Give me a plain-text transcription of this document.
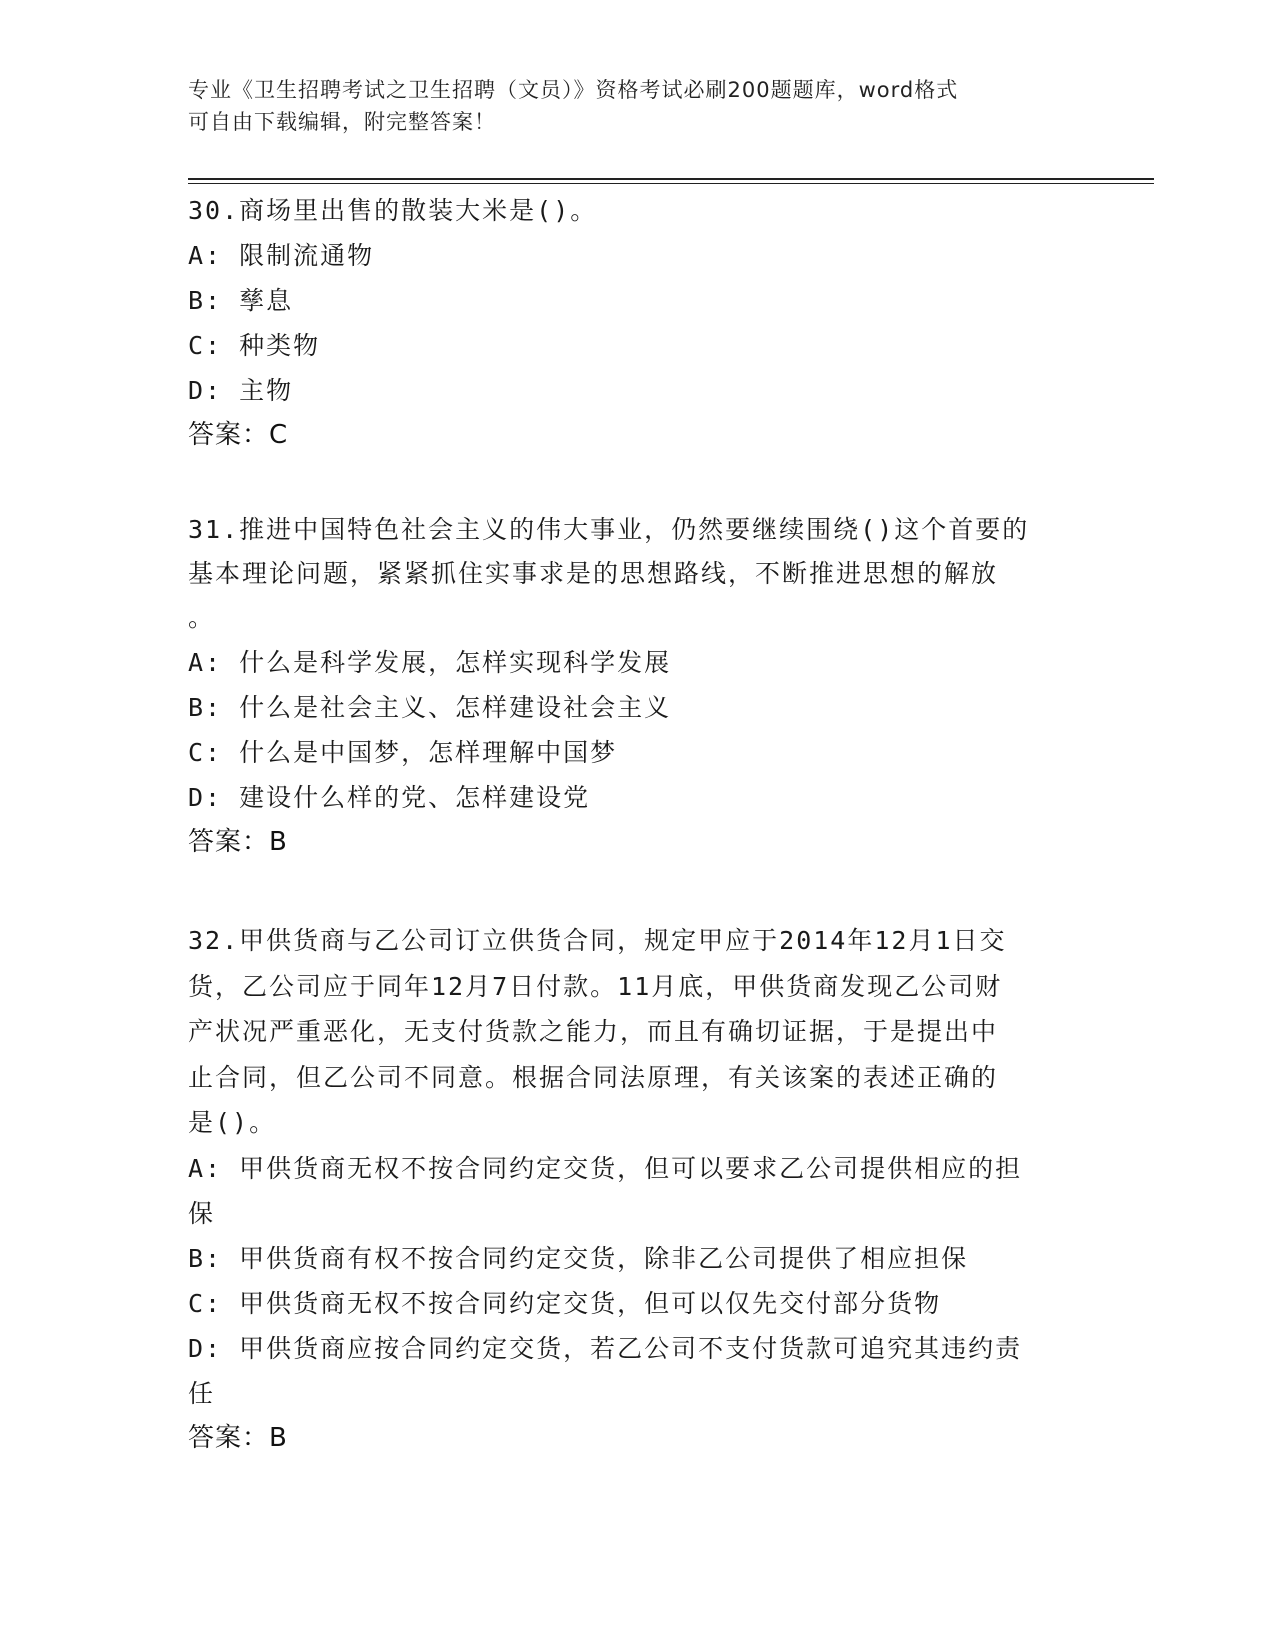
专业《卫生招聘考试之卫生招聘（文员）》资格考试必刷200题题库，word格式

可自由下载编辑，附完整答案！

30.商场里出售的散装大米是()。

A: 限制流通物

B: 孳息

C: 种类物

D: 主物

答案：C

31.推进中国特色社会主义的伟大事业，仍然要继续围绕()这个首要的

基本理论问题，紧紧抓住实事求是的思想路线，不断推进思想的解放

。

A: 什么是科学发展，怎样实现科学发展

B: 什么是社会主义、怎样建设社会主义

C: 什么是中国梦，怎样理解中国梦

D: 建设什么样的党、怎样建设党

答案：B

32.甲供货商与乙公司订立供货合同，规定甲应于2014年12月1日交

货，乙公司应于同年12月7日付款。11月底，甲供货商发现乙公司财

产状况严重恶化，无支付货款之能力，而且有确切证据，于是提出中

止合同，但乙公司不同意。根据合同法原理，有关该案的表述正确的

是()。

A: 甲供货商无权不按合同约定交货，但可以要求乙公司提供相应的担

保

B: 甲供货商有权不按合同约定交货，除非乙公司提供了相应担保

C: 甲供货商无权不按合同约定交货，但可以仅先交付部分货物

D: 甲供货商应按合同约定交货，若乙公司不支付货款可追究其违约责

任

答案：B
